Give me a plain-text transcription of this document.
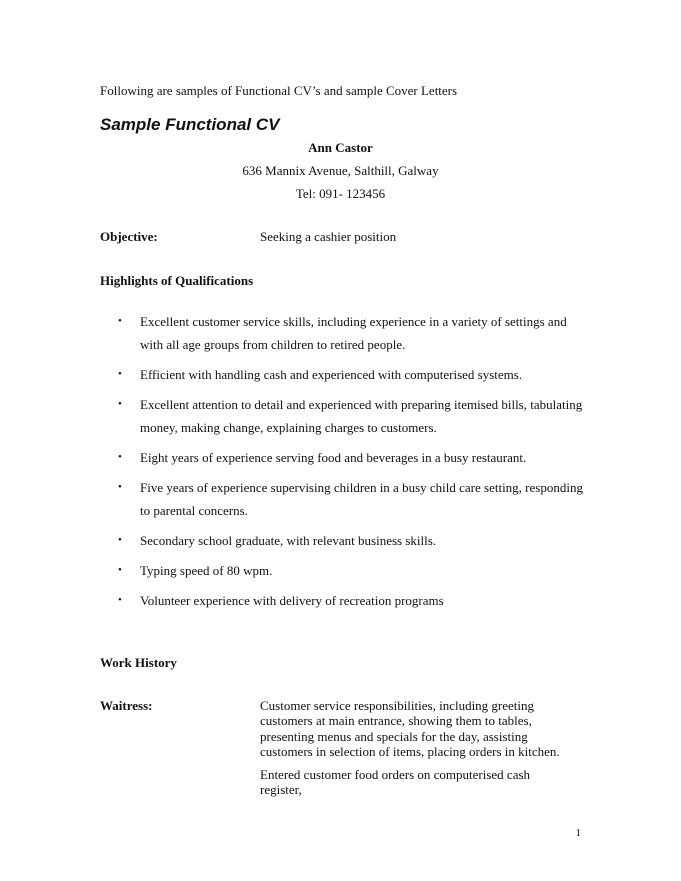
Following are samples of Functional CV’s and sample Cover Letters
Sample Functional CV
Ann Castor
636 Mannix Avenue, Salthill, Galway
Tel: 091- 123456
Objective:	Seeking a cashier position
Highlights of Qualifications
• Excellent customer service skills, including experience in a variety of settings and with all age groups from children to retired people.
• Efficient with handling cash and experienced with computerised systems.
• Excellent attention to detail and experienced with preparing itemised bills, tabulating money, making change, explaining charges to customers.
• Eight years of experience serving food and beverages in a busy restaurant.
• Five years of experience supervising children in a busy child care setting, responding to parental concerns.
• Secondary school graduate, with relevant business skills.
• Typing speed of 80 wpm.
• Volunteer experience with delivery of recreation programs
Work History
Waitress:	Customer service responsibilities, including greeting customers at main entrance, showing them to tables, presenting menus and specials for the day, assisting customers in selection of items, placing orders in kitchen.
Entered customer food orders on computerised cash register,
1
